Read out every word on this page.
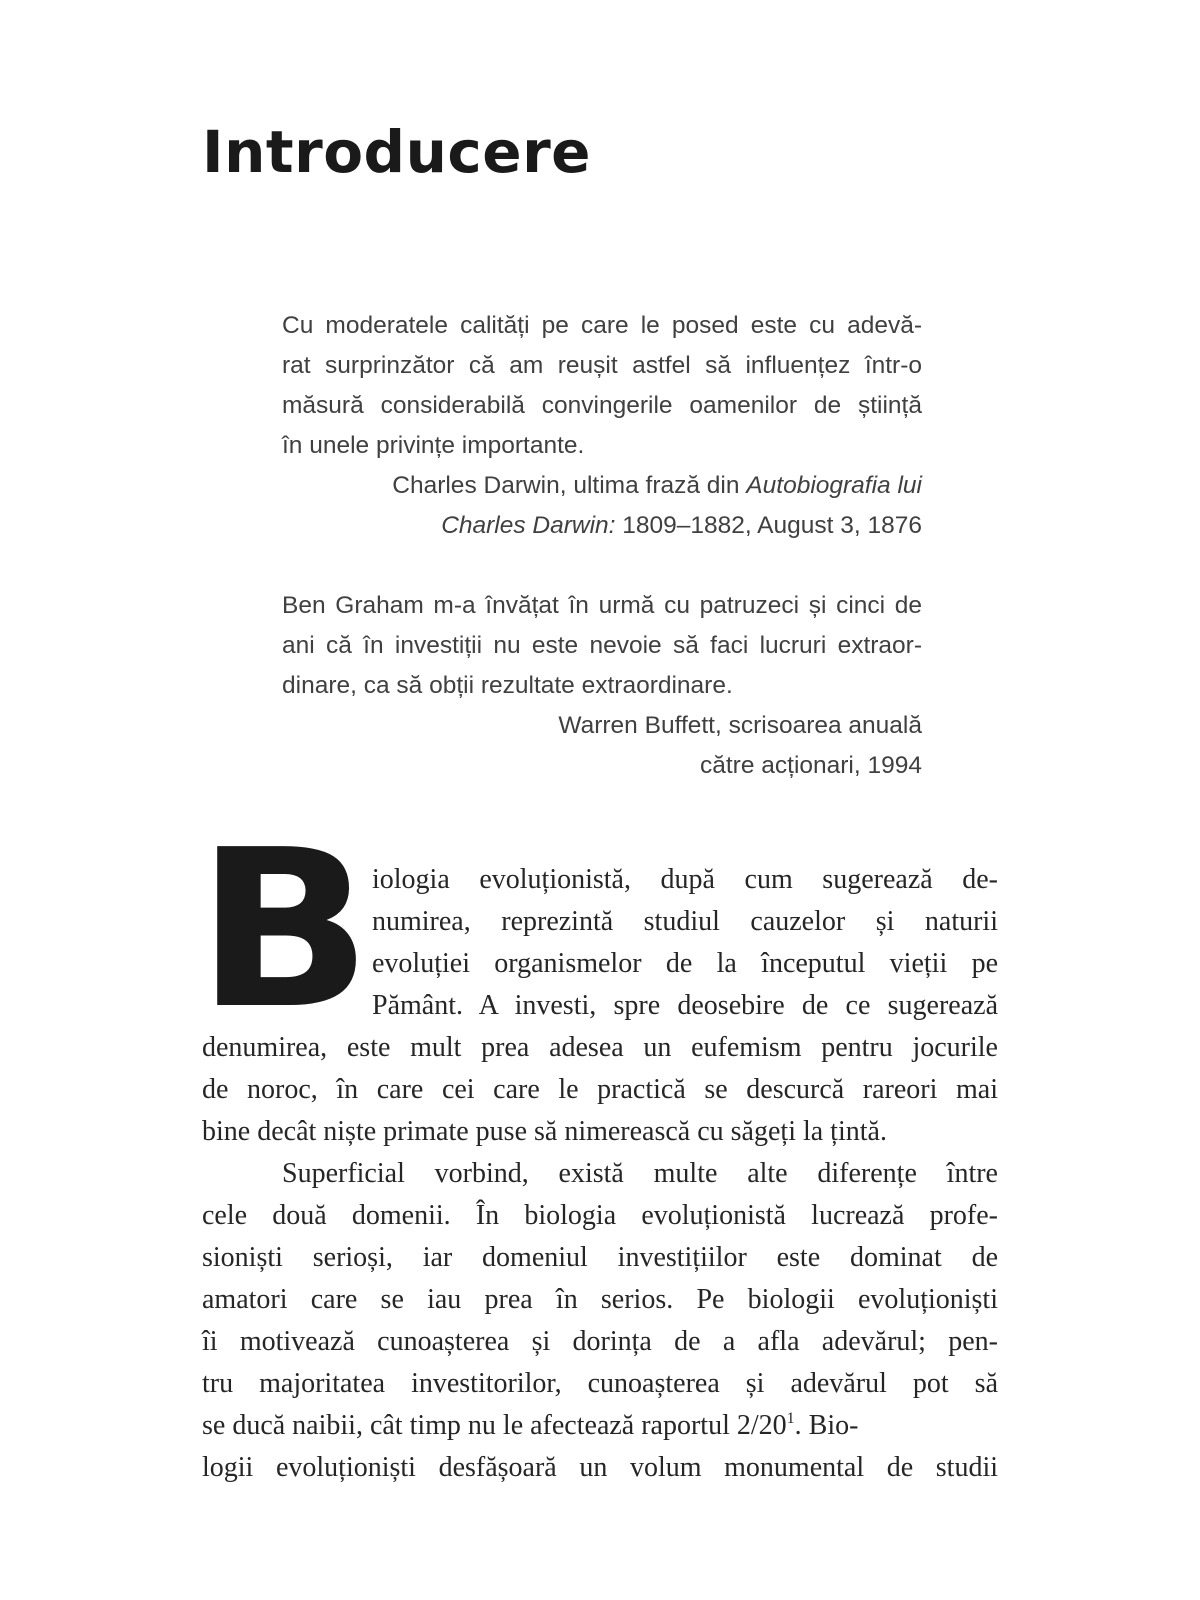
Introducere
Cu moderatele calități pe care le posed este cu adevă-
rat surprinzător că am reușit astfel să influențez într-o
măsură considerabilă convingerile oamenilor de știință
în unele privințe importante.
Charles Darwin, ultima frază din Autobiografia lui
Charles Darwin: 1809–1882, August 3, 1876
Ben Graham m-a învățat în urmă cu patruzeci și cinci de
ani că în investiții nu este nevoie să faci lucruri extraor-
dinare, ca să obții rezultate extraordinare.
Warren Buffett, scrisoarea anuală
către acționari, 1994
B iologia evoluționistă, după cum sugerează de-
numirea, reprezintă studiul cauzelor și naturii
evoluției organismelor de la începutul vieții pe
Pământ. A investi, spre deosebire de ce sugerează
denumirea, este mult prea adesea un eufemism pentru jocurile
de noroc, în care cei care le practică se descurcă rareori mai
bine decât niște primate puse să nimerească cu săgeți la țintă.
Superficial vorbind, există multe alte diferențe între
cele două domenii. În biologia evoluționistă lucrează profe-
sioniști serioși, iar domeniul investițiilor este dominat de
amatori care se iau prea în serios. Pe biologii evoluționiști
îi motivează cunoașterea și dorința de a afla adevărul; pen-
tru majoritatea investitorilor, cunoașterea și adevărul pot să
se ducă naibii, cât timp nu le afectează raportul $2/20^1$. Bio-
logii evoluționiști desfășoară un volum monumental de studii
